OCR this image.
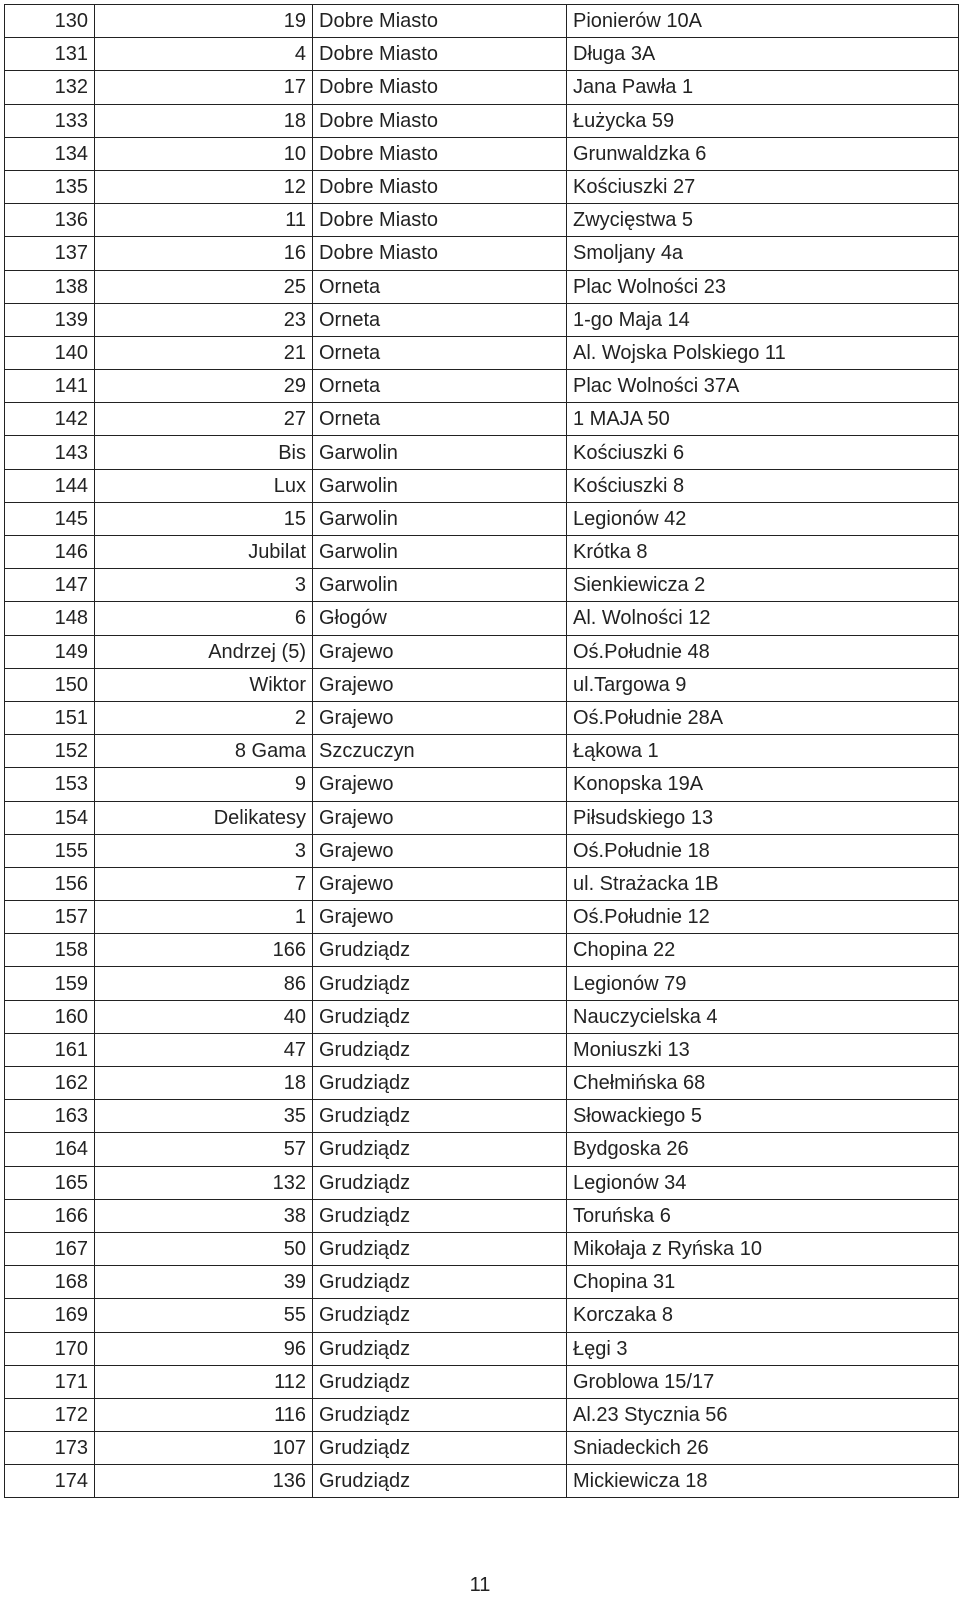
130	19	Dobre Miasto	Pionierów 10A
131	4	Dobre Miasto	Długa 3A
132	17	Dobre Miasto	Jana Pawła 1
133	18	Dobre Miasto	Łużycka 59
134	10	Dobre Miasto	Grunwaldzka 6
135	12	Dobre Miasto	Kościuszki 27
136	11	Dobre Miasto	Zwycięstwa 5
137	16	Dobre Miasto	Smoljany 4a
138	25	Orneta	Plac Wolności 23
139	23	Orneta	1-go Maja 14
140	21	Orneta	Al. Wojska Polskiego 11
141	29	Orneta	Plac Wolności 37A
142	27	Orneta	1 MAJA 50
143	Bis	Garwolin	Kościuszki 6
144	Lux	Garwolin	Kościuszki 8
145	15	Garwolin	Legionów 42
146	Jubilat	Garwolin	Krótka 8
147	3	Garwolin	Sienkiewicza 2
148	6	Głogów	Al. Wolności 12
149	Andrzej (5)	Grajewo	Oś.Południe 48
150	Wiktor	Grajewo	ul.Targowa 9
151	2	Grajewo	Oś.Południe 28A
152	8 Gama	Szczuczyn	Łąkowa 1
153	9	Grajewo	Konopska 19A
154	Delikatesy	Grajewo	Piłsudskiego 13
155	3	Grajewo	Oś.Południe 18
156	7	Grajewo	ul. Strażacka 1B
157	1	Grajewo	Oś.Południe 12
158	166	Grudziądz	Chopina 22
159	86	Grudziądz	Legionów 79
160	40	Grudziądz	Nauczycielska 4
161	47	Grudziądz	Moniuszki 13
162	18	Grudziądz	Chełmińska 68
163	35	Grudziądz	Słowackiego 5
164	57	Grudziądz	Bydgoska 26
165	132	Grudziądz	Legionów 34
166	38	Grudziądz	Toruńska 6
167	50	Grudziądz	Mikołaja z Ryńska 10
168	39	Grudziądz	Chopina 31
169	55	Grudziądz	Korczaka 8
170	96	Grudziądz	Łęgi 3
171	112	Grudziądz	Groblowa 15/17
172	116	Grudziądz	Al.23 Stycznia 56
173	107	Grudziądz	Sniadeckich 26
174	136	Grudziądz	Mickiewicza 18
11
